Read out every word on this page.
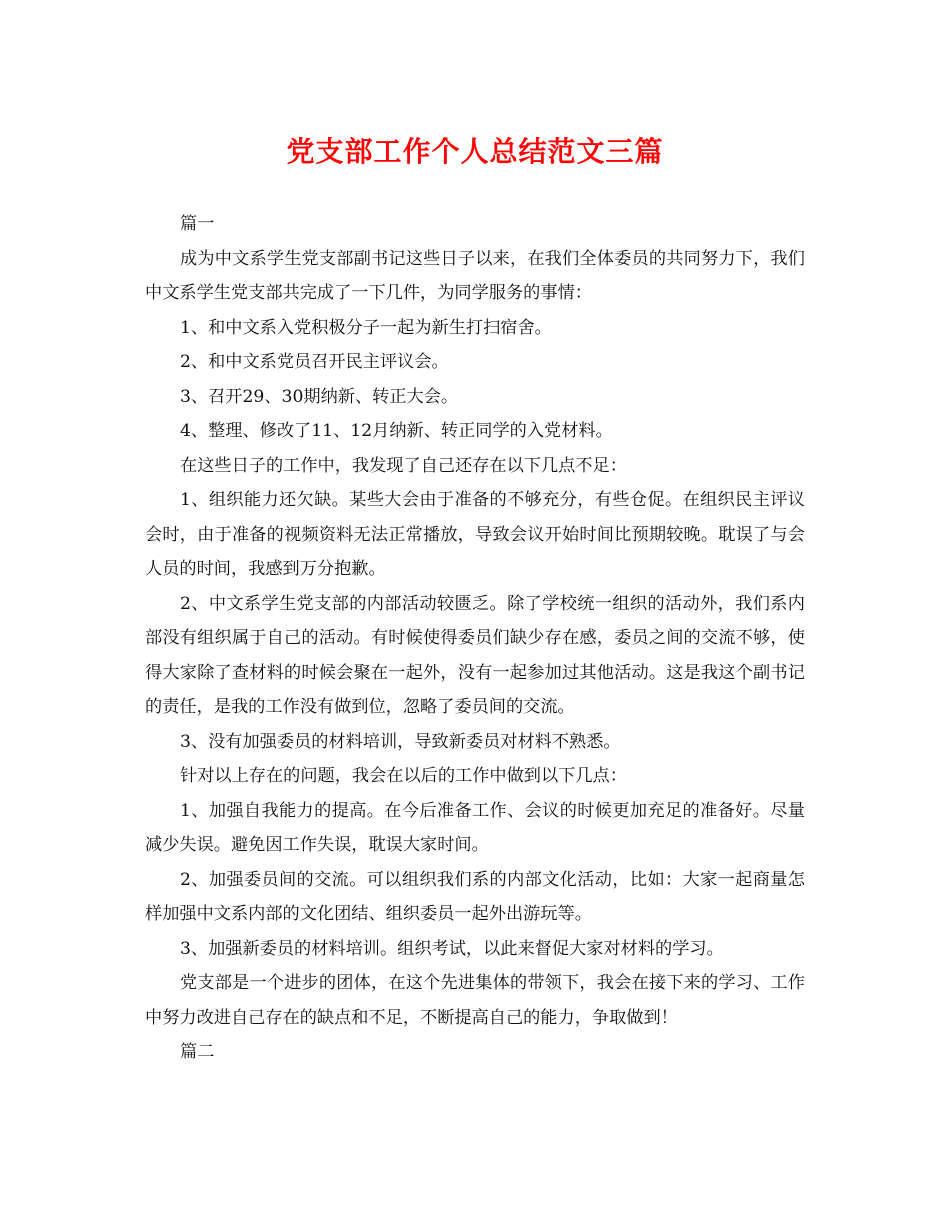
党支部工作个人总结范文三篇

篇一

成为中文系学生党支部副书记这些日子以来，在我们全体委员的共同努力下，我们中文系学生党支部共完成了一下几件，为同学服务的事情：

1、和中文系入党积极分子一起为新生打扫宿舍。

2、和中文系党员召开民主评议会。

3、召开29、30期纳新、转正大会。

4、整理、修改了11、12月纳新、转正同学的入党材料。

在这些日子的工作中，我发现了自己还存在以下几点不足：

1、组织能力还欠缺。某些大会由于准备的不够充分，有些仓促。在组织民主评议会时，由于准备的视频资料无法正常播放，导致会议开始时间比预期较晚。耽误了与会人员的时间，我感到万分抱歉。

2、中文系学生党支部的内部活动较匮乏。除了学校统一组织的活动外，我们系内部没有组织属于自己的活动。有时候使得委员们缺少存在感，委员之间的交流不够，使得大家除了查材料的时候会聚在一起外，没有一起参加过其他活动。这是我这个副书记的责任，是我的工作没有做到位，忽略了委员间的交流。

3、没有加强委员的材料培训，导致新委员对材料不熟悉。

针对以上存在的问题，我会在以后的工作中做到以下几点：

1、加强自我能力的提高。在今后准备工作、会议的时候更加充足的准备好。尽量减少失误。避免因工作失误，耽误大家时间。

2、加强委员间的交流。可以组织我们系的内部文化活动，比如：大家一起商量怎样加强中文系内部的文化团结、组织委员一起外出游玩等。

3、加强新委员的材料培训。组织考试，以此来督促大家对材料的学习。

党支部是一个进步的团体，在这个先进集体的带领下，我会在接下来的学习、工作中努力改进自己存在的缺点和不足，不断提高自己的能力，争取做到！

篇二
